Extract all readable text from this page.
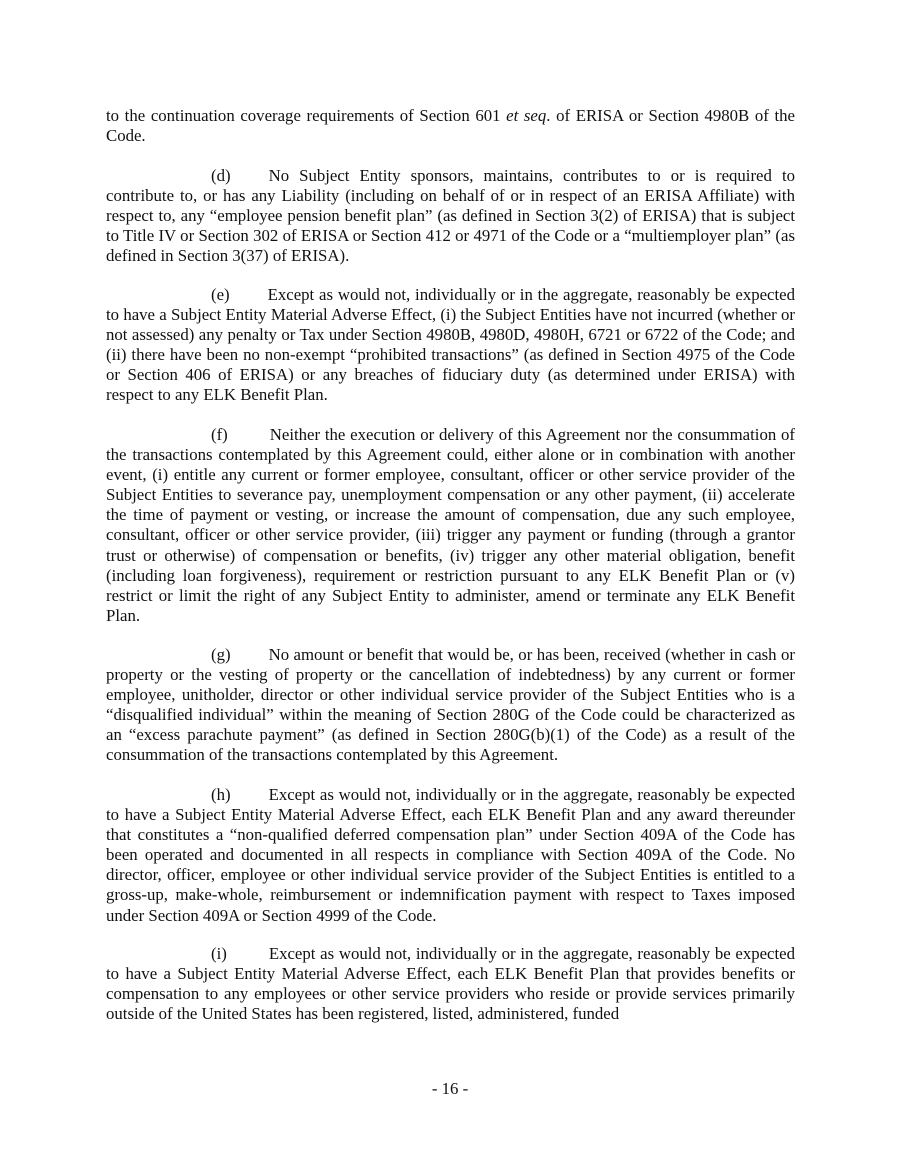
to the continuation coverage requirements of Section 601 et seq. of ERISA or Section 4980B of the Code.

(d) No Subject Entity sponsors, maintains, contributes to or is required to contribute to, or has any Liability (including on behalf of or in respect of an ERISA Affiliate) with respect to, any “employee pension benefit plan” (as defined in Section 3(2) of ERISA) that is subject to Title IV or Section 302 of ERISA or Section 412 or 4971 of the Code or a “multiemployer plan” (as defined in Section 3(37) of ERISA).

(e) Except as would not, individually or in the aggregate, reasonably be expected to have a Subject Entity Material Adverse Effect, (i) the Subject Entities have not incurred (whether or not assessed) any penalty or Tax under Section 4980B, 4980D, 4980H, 6721 or 6722 of the Code; and (ii) there have been no non-exempt “prohibited transactions” (as defined in Section 4975 of the Code or Section 406 of ERISA) or any breaches of fiduciary duty (as determined under ERISA) with respect to any ELK Benefit Plan.

(f)	Neither the execution or delivery of this Agreement nor the consummation of the transactions contemplated by this Agreement could, either alone or in combination with another event, (i) entitle any current or former employee, consultant, officer or other service provider of the Subject Entities to severance pay, unemployment compensation or any other payment, (ii) accelerate the time of payment or vesting, or increase the amount of compensation, due any such employee, consultant, officer or other service provider, (iii) trigger any payment or funding (through a grantor trust or otherwise) of compensation or benefits, (iv) trigger any other material obligation, benefit (including loan forgiveness), requirement or restriction pursuant to any ELK Benefit Plan or (v) restrict or limit the right of any Subject Entity to administer, amend or terminate any ELK Benefit Plan.

(g) No amount or benefit that would be, or has been, received (whether in cash or property or the vesting of property or the cancellation of indebtedness) by any current or former employee, unitholder, director or other individual service provider of the Subject Entities who is a “disqualified individual” within the meaning of Section 280G of the Code could be characterized as an “excess parachute payment” (as defined in Section 280G(b)(1) of the Code) as a result of the consummation of the transactions contemplated by this Agreement.

(h) Except as would not, individually or in the aggregate, reasonably be expected to have a Subject Entity Material Adverse Effect, each ELK Benefit Plan and any award thereunder that constitutes a “non-qualified deferred compensation plan” under Section 409A of the Code has been operated and documented in all respects in compliance with Section 409A of the Code. No director, officer, employee or other individual service provider of the Subject Entities is entitled to a gross-up, make-whole, reimbursement or indemnification payment with respect to Taxes imposed under Section 409A or Section 4999 of the Code.

(i)	Except as would not, individually or in the aggregate, reasonably be expected to have a Subject Entity Material Adverse Effect, each ELK Benefit Plan that provides benefits or compensation to any employees or other service providers who reside or provide services primarily outside of the United States has been registered, listed, administered, funded

- 16 -
